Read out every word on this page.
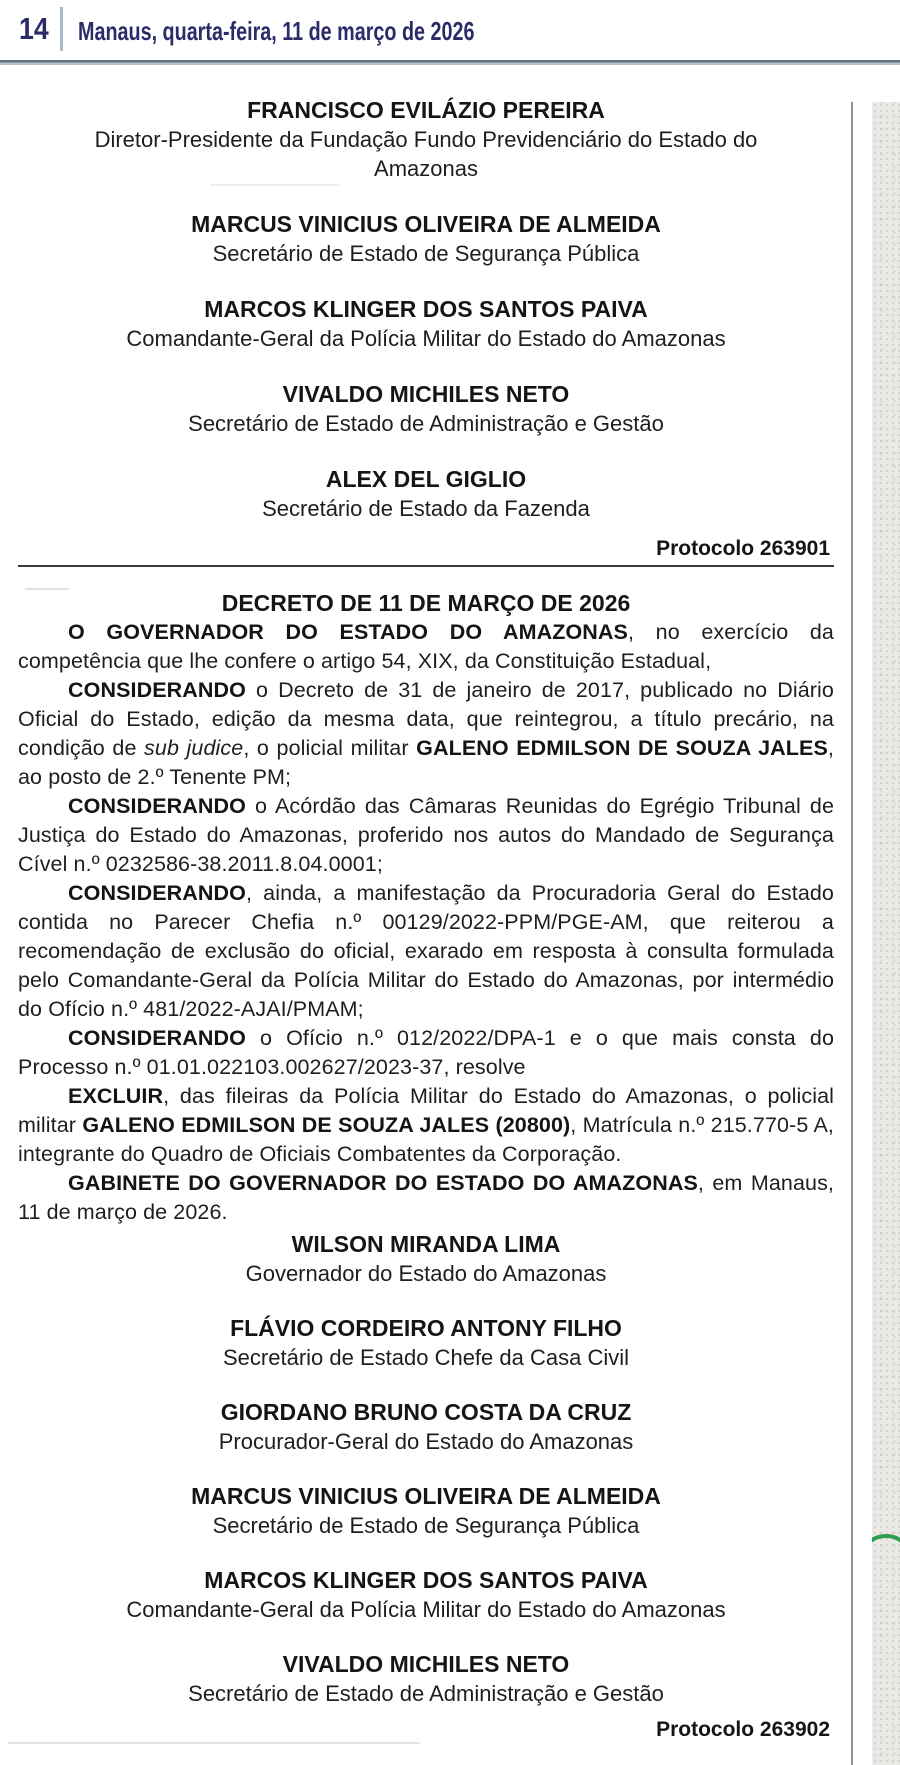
14 Manaus, quarta-feira, 11 de março de 2026
FRANCISCO EVILÁZIO PEREIRA
Diretor-Presidente da Fundação Fundo Previdenciário do Estado do
Amazonas
MARCUS VINICIUS OLIVEIRA DE ALMEIDA
Secretário de Estado de Segurança Pública
MARCOS KLINGER DOS SANTOS PAIVA
Comandante-Geral da Polícia Militar do Estado do Amazonas
VIVALDO MICHILES NETO
Secretário de Estado de Administração e Gestão
ALEX DEL GIGLIO
Secretário de Estado da Fazenda
Protocolo 263901
DECRETO DE 11 DE MARÇO DE 2026

O GOVERNADOR DO ESTADO DO AMAZONAS, no exercício da competência que lhe confere o artigo 54, XIX, da Constituição Estadual,

CONSIDERANDO o Decreto de 31 de janeiro de 2017, publicado no Diário Oficial do Estado, edição da mesma data, que reintegrou, a título precário, na condição de sub judice, o policial militar GALENO EDMILSON DE SOUZA JALES, ao posto de 2.º Tenente PM;

CONSIDERANDO o Acórdão das Câmaras Reunidas do Egrégio Tribunal de Justiça do Estado do Amazonas, proferido nos autos do Mandado de Segurança Cível n.º 0232586-38.2011.8.04.0001;

CONSIDERANDO, ainda, a manifestação da Procuradoria Geral do Estado contida no Parecer Chefia n.º 00129/2022-PPM/PGE-AM, que reiterou a recomendação de exclusão do oficial, exarado em resposta à consulta formulada pelo Comandante-Geral da Polícia Militar do Estado do Amazonas, por intermédio do Ofício n.º 481/2022-AJAI/PMAM;

CONSIDERANDO o Ofício n.º 012/2022/DPA-1 e o que mais consta do Processo n.º 01.01.022103.002627/2023-37, resolve

EXCLUIR, das fileiras da Polícia Militar do Estado do Amazonas, o policial militar GALENO EDMILSON DE SOUZA JALES (20800), Matrícula n.º 215.770-5 A, integrante do Quadro de Oficiais Combatentes da Corporação.

GABINETE DO GOVERNADOR DO ESTADO DO AMAZONAS, em Manaus, 11 de março de 2026.

WILSON MIRANDA LIMA
Governador do Estado do Amazonas
FLÁVIO CORDEIRO ANTONY FILHO
Secretário de Estado Chefe da Casa Civil
GIORDANO BRUNO COSTA DA CRUZ
Procurador-Geral do Estado do Amazonas
MARCUS VINICIUS OLIVEIRA DE ALMEIDA
Secretário de Estado de Segurança Pública
MARCOS KLINGER DOS SANTOS PAIVA
Comandante-Geral da Polícia Militar do Estado do Amazonas
VIVALDO MICHILES NETO
Secretário de Estado de Administração e Gestão
Protocolo 263902
